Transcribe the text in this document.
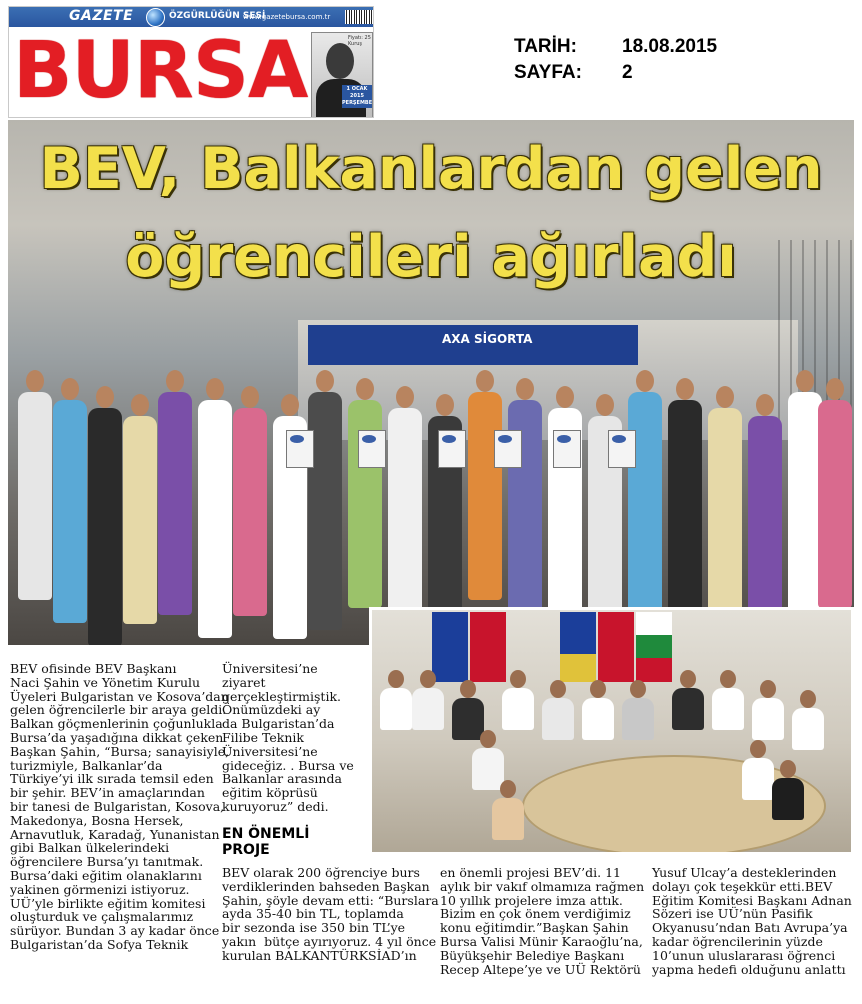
GAZETE	ÖZGÜRLÜĞÜN SESİ
www.gazetebursa.com.tr
BURSA	Fiyatı: 25 Kuruş
1 OCAK 2015 PERŞEMBE
TARİH: 18.08.2015
SAYFA: 2
AXA SİGORTA
BEV, Balkanlardan gelen
öğrencileri ağırladı
BEV ofisinde BEV Başkanı
Naci Şahin ve Yönetim Kurulu
Üyeleri Bulgaristan ve Kosova’dan
gelen öğrencilerle bir araya geldi.
Balkan göçmenlerinin çoğunlukla
Bursa’da yaşadığına dikkat çeken
Başkan Şahin, “Bursa; sanayisiyle,
turizmiyle, Balkanlar’da
Türkiye’yi ilk sırada temsil eden
bir şehir. BEV’in amaçlarından
bir tanesi de Bulgaristan, Kosova,
Makedonya, Bosna Hersek,
Arnavutluk, Karadağ, Yunanistan
gibi Balkan ülkelerindeki
öğrencilere Bursa’yı tanıtmak.
Bursa’daki eğitim olanaklarını
yakinen görmenizi istiyoruz.
UÜ’yle birlikte eğitim komitesi
oluşturduk ve çalışmalarımız
sürüyor. Bundan 3 ay kadar önce
Bulgaristan’da Sofya Teknik
Üniversitesi’ne
ziyaret
gerçekleştirmiştik.
Önümüzdeki ay
da Bulgaristan’da
Filibe Teknik
Üniversitesi’ne
gideceğiz. . Bursa ve
Balkanlar arasında
eğitim köprüsü
kuruyoruz” dedi.
EN ÖNEMLİ
PROJE
BEV olarak 200 öğrenciye burs
verdiklerinden bahseden Başkan
Şahin, şöyle devam etti: “Burslara
ayda 35-40 bin TL, toplamda
bir sezonda ise 350 bin TL’ye
yakın  bütçe ayırıyoruz. 4 yıl önce
kurulan BALKANTÜRKSİAD’ın
en önemli projesi BEV’di. 11
aylık bir vakıf olmamıza rağmen
10 yıllık projelere imza attık.
Bizim en çok önem verdiğimiz
konu eğitimdir.”Başkan Şahin
Bursa Valisi Münir Karaoğlu’na,
Büyükşehir Belediye Başkanı
Recep Altepe’ye ve UÜ Rektörü
Yusuf Ulcay’a desteklerinden
dolayı çok teşekkür etti.BEV
Eğitim Komitesi Başkanı Adnan
Sözeri ise UÜ’nün Pasifik
Okyanusu’ndan Batı Avrupa’ya
kadar öğrencilerinin yüzde
10’unun uluslararası öğrenci
yapma hedefi olduğunu anlattı
